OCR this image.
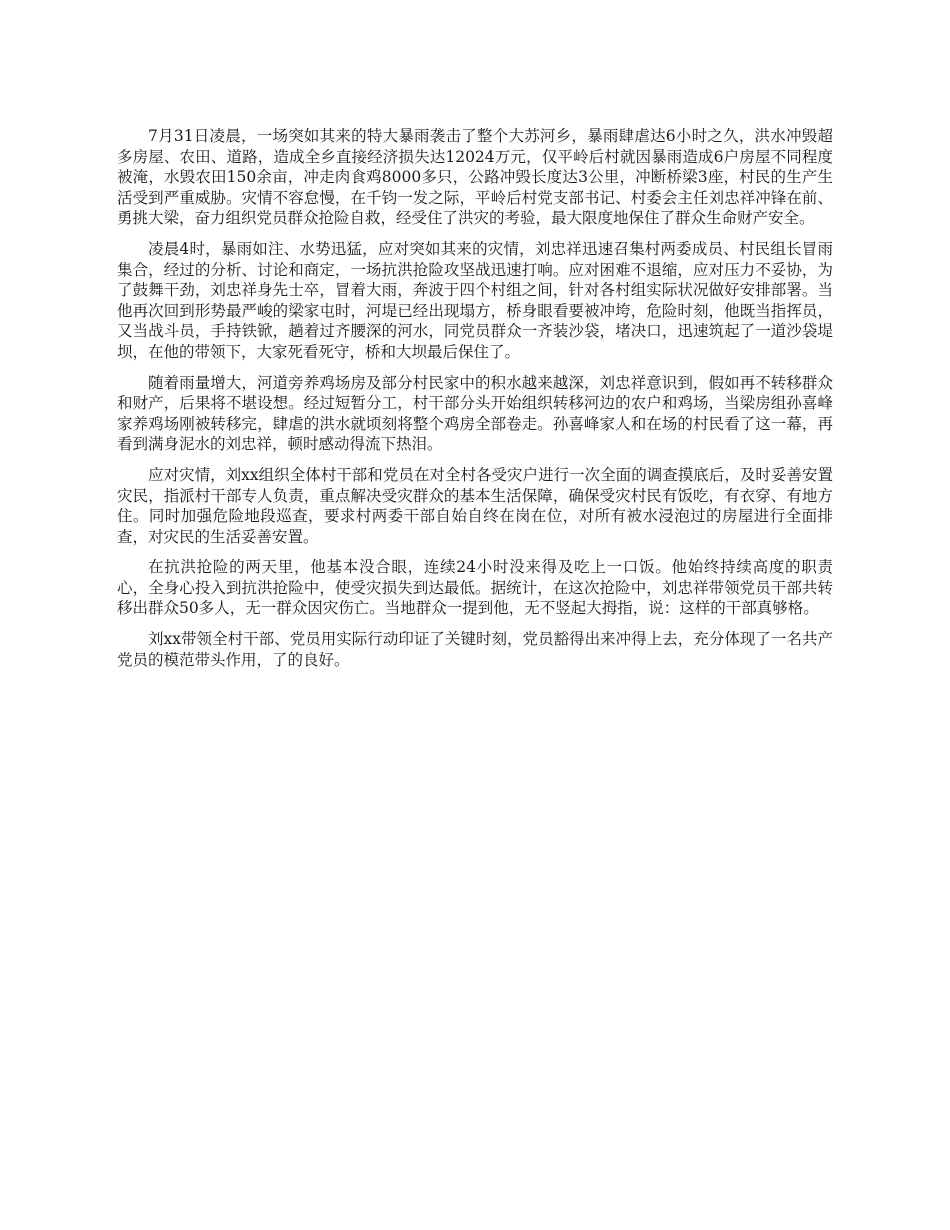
7月31日凌晨，一场突如其来的特大暴雨袭击了整个大苏河乡，暴雨肆虐达6小时之久，洪水冲毁超多房屋、农田、道路，造成全乡直接经济损失达12024万元，仅平岭后村就因暴雨造成6户房屋不同程度被淹，水毁农田150余亩，冲走肉食鸡8000多只，公路冲毁长度达3公里，冲断桥梁3座，村民的生产生活受到严重威胁。灾情不容怠慢，在千钧一发之际，平岭后村党支部书记、村委会主任刘忠祥冲锋在前、勇挑大梁，奋力组织党员群众抢险自救，经受住了洪灾的考验，最大限度地保住了群众生命财产安全。

凌晨4时，暴雨如注、水势迅猛，应对突如其来的灾情，刘忠祥迅速召集村两委成员、村民组长冒雨集合，经过的分析、讨论和商定，一场抗洪抢险攻坚战迅速打响。应对困难不退缩，应对压力不妥协，为了鼓舞干劲，刘忠祥身先士卒，冒着大雨，奔波于四个村组之间，针对各村组实际状况做好安排部署。当他再次回到形势最严峻的梁家屯时，河堤已经出现塌方，桥身眼看要被冲垮，危险时刻，他既当指挥员，又当战斗员，手持铁锨，趟着过齐腰深的河水，同党员群众一齐装沙袋，堵决口，迅速筑起了一道沙袋堤坝，在他的带领下，大家死看死守，桥和大坝最后保住了。

随着雨量增大，河道旁养鸡场房及部分村民家中的积水越来越深，刘忠祥意识到，假如再不转移群众和财产，后果将不堪设想。经过短暂分工，村干部分头开始组织转移河边的农户和鸡场，当梁房组孙喜峰家养鸡场刚被转移完，肆虐的洪水就顷刻将整个鸡房全部卷走。孙喜峰家人和在场的村民看了这一幕，再看到满身泥水的刘忠祥，顿时感动得流下热泪。

应对灾情，刘xx组织全体村干部和党员在对全村各受灾户进行一次全面的调查摸底后，及时妥善安置灾民，指派村干部专人负责，重点解决受灾群众的基本生活保障，确保受灾村民有饭吃，有衣穿、有地方住。同时加强危险地段巡查，要求村两委干部自始自终在岗在位，对所有被水浸泡过的房屋进行全面排查，对灾民的生活妥善安置。

在抗洪抢险的两天里，他基本没合眼，连续24小时没来得及吃上一口饭。他始终持续高度的职责心，全身心投入到抗洪抢险中，使受灾损失到达最低。据统计，在这次抢险中，刘忠祥带领党员干部共转移出群众50多人，无一群众因灾伤亡。当地群众一提到他，无不竖起大拇指，说：这样的干部真够格。

刘xx带领全村干部、党员用实际行动印证了关键时刻，党员豁得出来冲得上去，充分体现了一名共产党员的模范带头作用，了的良好。
